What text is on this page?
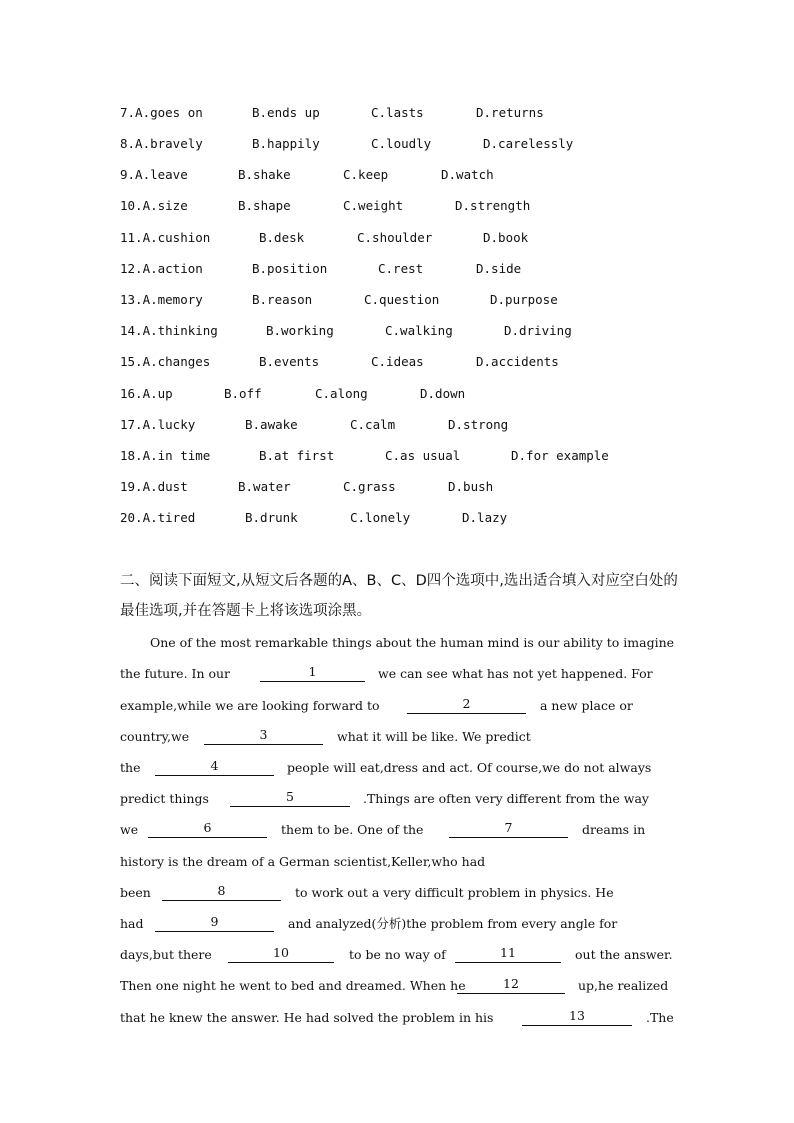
7.A.goes on	B.ends up	C.lasts	D.returns
8.A.bravely	B.happily	C.loudly	D.carelessly
9.A.leave	B.shake	C.keep	D.watch
10.A.size	B.shape	C.weight	D.strength
11.A.cushion	B.desk	C.shoulder	D.book
12.A.action	B.position	C.rest	D.side
13.A.memory	B.reason	C.question	D.purpose
14.A.thinking	B.working	C.walking	D.driving
15.A.changes	B.events	C.ideas	D.accidents
16.A.up	B.off	C.along	D.down
17.A.lucky	B.awake	C.calm	D.strong
18.A.in time	B.at first	C.as usual	D.for example
19.A.dust	B.water	C.grass	D.bush
20.A.tired	B.drunk	C.lonely	D.lazy
二、阅读下面短文,从短文后各题的A、B、C、D四个选项中,选出适合填入对应空白处的最佳选项,并在答题卡上将该选项涂黑。
One of the most remarkable things about the human mind is our ability to imagine
the future. In our	1	we can see what has not yet happened. For
example,while we are looking forward to	2	a new place or
country,we	3	what it will be like. We predict
the	4	people will eat,dress and act. Of course,we do not always
predict things	5	.Things are often very different from the way
we	6	them to be. One of the	7	dreams in
history is the dream of a German scientist,Keller,who had
been	8	to work out a very difficult problem in physics. He
had	9	and analyzed(分析)the problem from every angle for
days,but there	10	to be no way of	11	out the answer.
Then one night he went to bed and dreamed. When he	12	up,he realized
that he knew the answer. He had solved the problem in his	13	.The
